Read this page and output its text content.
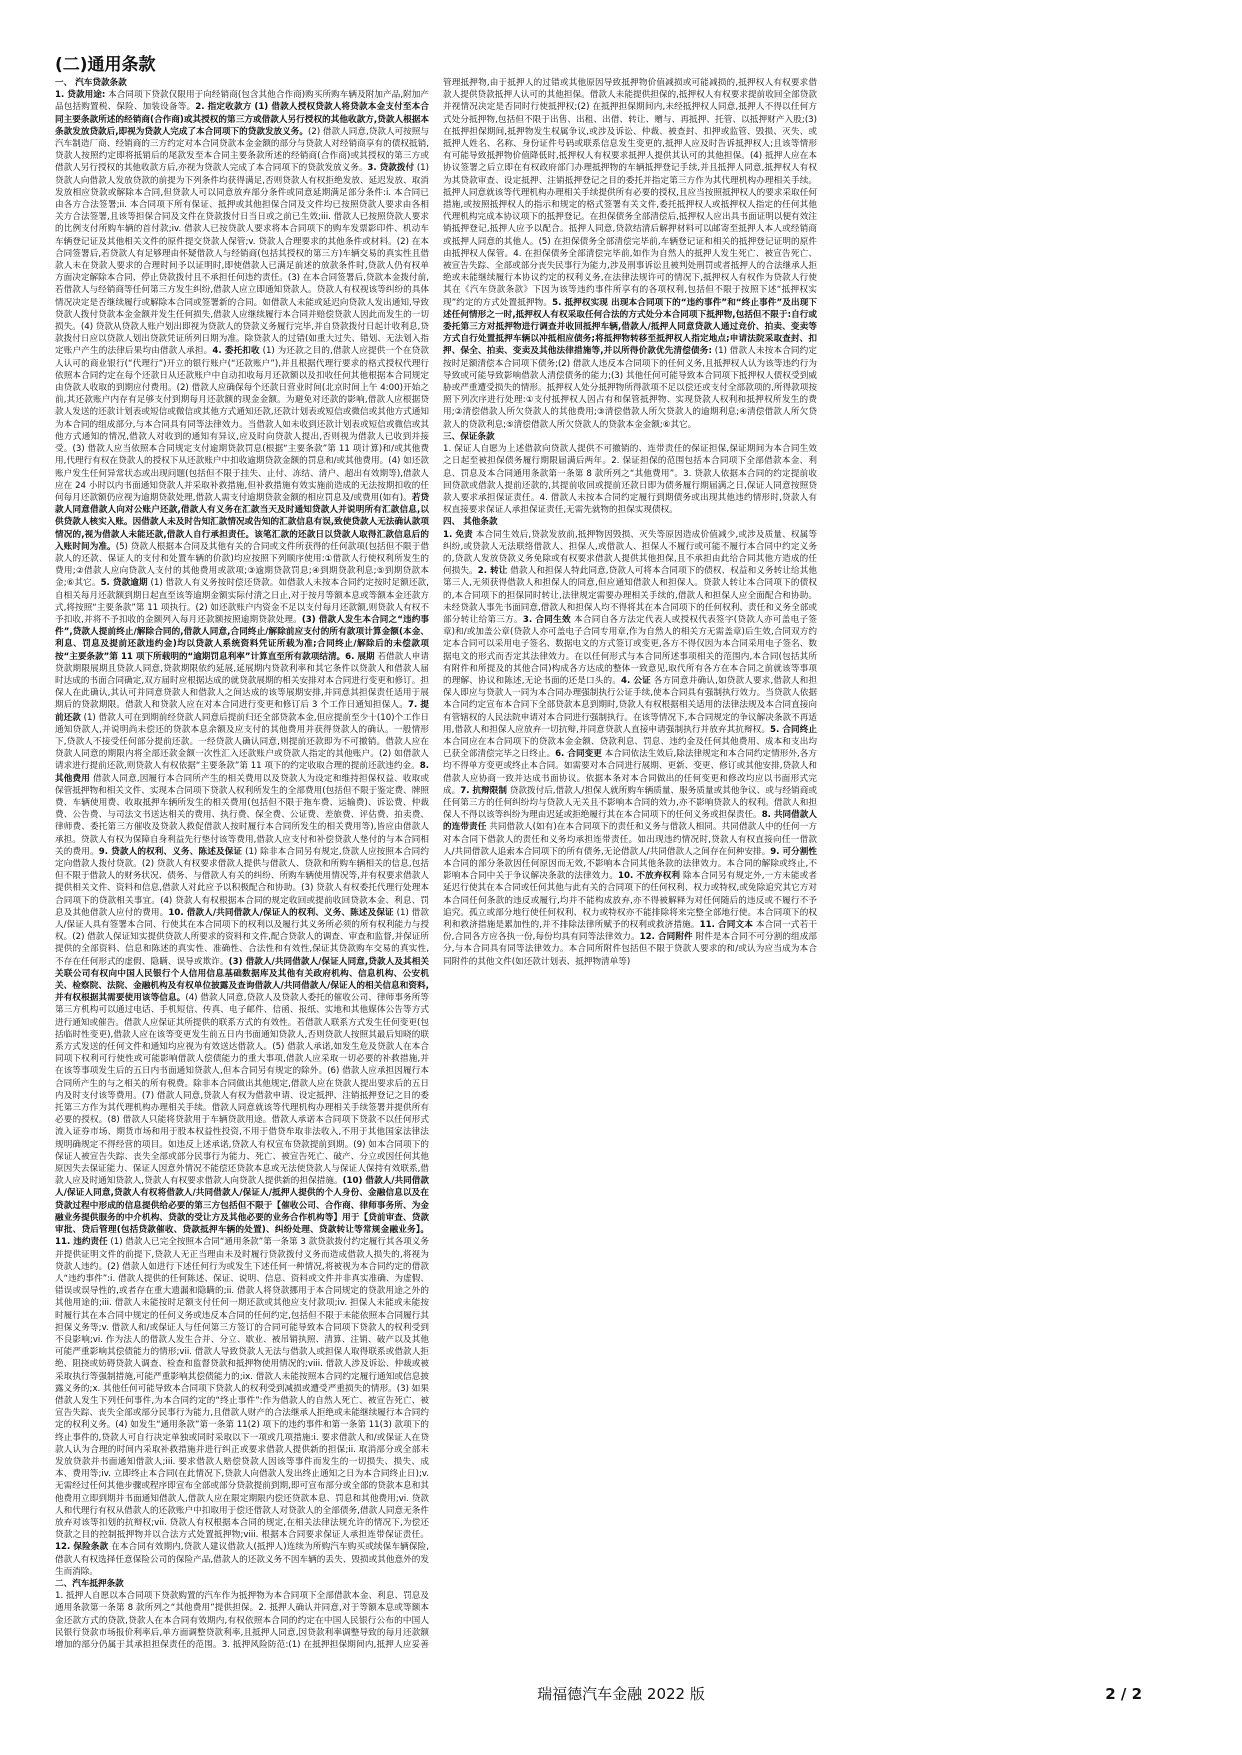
(二)通用条款

一、 汽车贷款条款

1. 贷款用途: 本合同项下贷款仅限用于向经销商(包含其他合作商)购买所购车辆及附加产品,附加产品包括购置税、保险、加装设备等。2. 指定收款方 (1) 借款人授权贷款人将贷款本金支付至本合同主要条款所述的经销商(合作商)或其授权的第三方或借款人另行授权的其他收款方,贷款人根据本条款发放贷款后,即视为贷款人完成了本合同项下的贷款发放义务。(2) 借款人同意,贷款人可按照与汽车制造厂商、经销商的三方约定对本合同贷款本金金额的部分与贷款人对经销商享有的债权抵销,贷款人按照约定即将抵销后的尾款发至本合同主要条款所述的经销商(合作商)或其授权的第三方或借款人另行授权的其他收款方后,亦视为贷款人完成了本合同项下的贷款发放义务。3. 贷款拨付 (1)贷款人向借款人发放贷款的前提为下列条件均获得满足,否则贷款人有权拒绝发放、延迟发放、取消发放相应贷款或解除本合同,但贷款人可以同意放弃部分条件或同意延期满足部分条件:i. 本合同已由各方合法签署;ii. 本合同项下所有保证、抵押或其他担保合同及文件均已按照贷款人要求由各相关方合法签署,且该等担保合同及文件在贷款拨付日当日或之前已生效;iii. 借款人已按照贷款人要求的比例支付所购车辆的首付款;iv. 借款人已按贷款人要求将本合同项下的购车发票影印件、机动车车辆登记证及其他相关文件的原件提交贷款人保管;v. 贷款人合理要求的其他条件或材料。(2) 在本合同签署后,若贷款人有足够理由怀疑借款人与经销商(包括其授权的第三方)车辆交易的真实性且借款人未在贷款人要求的合理时间予以证明时,即使借款人已满足前述的放款条件时,贷款人仍有权单方面决定解除本合同、停止贷款拨付且不承担任何违约责任。(3) 在本合同签署后,贷款本金拨付前,若借款人与经销商等任何第三方发生纠纷,借款人应立即通知贷款人。贷款人有权视该等纠纷的具体情况决定是否继续履行或解除本合同或签署新的合同。如借款人未能或延迟向贷款人发出通知,导致贷款人拨付贷款本金金额并发生任何损失,借款人应继续履行本合同并赔偿贷款人因此而发生的一切损失。(4) 贷款从贷款人账户划出即视为贷款人的贷款义务履行完毕,并自贷款拨付日起计收利息,贷款拨付日应以贷款人划出贷款凭证所列日期为准。除贷款人的过错(如重大过失、错划、无法划入指定账户产生的法律后果均由借款人承担。4. 委托扣收 (1) 为还款之目的,借款人应提供一个在贷款人认可的商业银行(“代理行”)开立的银行账户(“还款账户”),并且根据代理行要求的格式授权代理行依照本合同约定在每个还款日从还款账户中自动扣收每月还款额以及扣收任何其他根据本合同规定由贷款人收取的到期应付费用。(2) 借款人应确保每个还款日营业时间(北京时间上午 4:00)开始之前,其还款账户内存有足够支付到期每月还款额的现金金额。为避免对还款的影响,借款人应根据贷款人发送的还款计划表或短信或微信或其他方式通知还款,还款计划表或短信或微信或其他方式通知为本合同的组成部分,与本合同具有同等法律效力。当借款人如未收到还款计划表或短信或微信或其他方式通知的情况,借款人对收到的通知有异议,应及时向贷款人提出,否则视为借款人已收到并接受。(3) 借款人应当依照本合同规定支付逾期贷款罚息(根据“主要条款”第 11 项计算)和/或其他费用,代理行有权在贷款人的授权下从还款账户中扣收逾期贷款金额的罚息和/或其他费用。(4) 如还款账户发生任何异常状态或出现问题(包括但不限于挂失、止付、冻结、清户、超出有效期等),借款人应在 24 小时以内书面通知贷款人并采取补救措施,但补救措施有效实施前造成的无法按期扣收的任何每月还款额仍应视为逾期贷款处理,借款人需支付逾期贷款金额的相应罚息及/或费用(如有)。若贷款人同意借款人向对公账户还款,借款人有义务在汇款当天及时通知贷款人并说明所有汇款信息,以供贷款人核实入账。因借款人未及时告知汇款情况或告知的汇款信息有误,致使贷款人无法确认款项情况的,视为借款人未能还款,借款人自行承担责任。该笔汇款的还款日以贷款人取得汇款信息后的入账时间为准。(5) 贷款人根据本合同及其他有关的合同或文件所获得的任何款项(包括但不限于借款人的还款、保证人的支付和处置车辆的价款)均应按照下列顺序使用:①借款人行使权利所发生的费用;②借款人应向贷款人支付的其他费用或款项;③逾期贷款罚息;④到期贷款利息;⑤到期贷款本金;⑥其它。5. 贷款逾期 (1) 借款人有义务按时偿还贷款。如借款人未按本合同约定按时足额还款,自相关每月还款额到期日起直至该等逾期金额实际付清之日止,对于按月等额本息或等额本金还款方式,将按照“主要条款”第 11 项执行。(2) 如还款账户内资金不足以支付每月还款额,则贷款人有权不予扣收,并将不予扣收的金额列入每月还款额按照逾期贷款处理。(3) 借款人发生本合同之“违约事件”,贷款人提前终止/解除合同的,借款人同意,合同终止/解除前应支付的所有款项计算金额(本金、利息、罚息及提前还款违约金)均以贷款人系统资料凭证所载为准;合同终止/解除后的未偿款项按“主要条款”第 11 项下所载明的“逾期罚息利率”计算直至所有款项结清。6. 展期 若借款人申请贷款期限展期且贷款人同意,贷款期限依约延展,延展期内贷款利率和其它条件以贷款人和借款人届时达成的书面合同确定,双方届时应根据达成的就贷款展期的相关安排对本合同进行变更和修订。担保人在此确认,其认可并同意贷款人和借款人之间达成的该等展期安排,并同意其担保责任适用于展期后的贷款期限。借款人和贷款人应在对本合同进行变更和修订后 3 个工作日通知担保人。7. 提前还款 (1) 借款人可在到期前经贷款人同意后提前归还全部贷款本金,但应提前至少十(10)个工作日通知贷款人,并说明尚未偿还的贷款本息余额及应支付的其他费用并获得贷款人的确认。一般情形下,贷款人不接受任何部分提前还款。一经贷款人确认同意,则提前还款即为不可撤销。借款人应在贷款人同意的期限内将全部还款金额一次性汇入还款账户或贷款人指定的其他账户。(2) 如借款人请求进行提前还款,则贷款人有权依据“主要条款”第 11 项下的约定收取合理的提前还款违约金。8. 其他费用 借款人同意,因履行本合同所产生的相关费用以及贷款人为设定和维持担保权益、收取或保管抵押物和相关文件、实现本合同项下贷款人权利所发生的全部费用(包括但不限于鉴定费、牌照费、车辆使用费、收取抵押车辆所发生的相关费用(包括但不限于拖车费、运输费)、诉讼费、仲裁费、公告费、与司法文书送达相关的费用、执行费、保全费、公证费、差旅费、评估费、拍卖费、律师费、委托第三方催收及贷款人救促借款人按时履行本合同所发生的相关费用等),皆应由借款人承担。贷款人有权为保障自身利益先行垫付该等费用,借款人应支付和补偿贷款人垫付的与本合同相关的费用。9. 贷款人的权利、义务、陈述及保证 (1) 除非本合同另有规定,贷款人应按照本合同约定向借款人拨付贷款。(2) 贷款人有权要求借款人提供与借款人、贷款和所购车辆相关的信息,包括但不限于借款人的财务状况、债务、与借款人有关的纠纷、所购车辆使用情况等,并有权要求借款人提供相关文件、资料和信息,借款人对此应予以积极配合和协助。(3) 贷款人有权委托代理行处理本合同项下的贷款相关事宜。(4) 贷款人有权根据本合同的规定收回或提前收回贷款本金、利息、罚息及其他借款人应付的费用。10. 借款人/共同借款人/保证人的权利、义务、陈述及保证 (1) 借款人/保证人具有签署本合同、行使其在本合同项下的权利以及履行其义务所必须的所有权利能力与授权。(2) 借款人保证知实提供贷款人所要求的资料和文件,配合贷款人的调查、审查和监督,并保证所提供的全部资料、信息和陈述的真实性、准确性、合法性和有效性,保证其贷款购车交易的真实性,不存在任何形式的虚假、隐瞒、误导或欺诈。(3) 借款人/共同借款人/保证人同意,贷款人及其相关关联公司有权向中国人民银行个人信用信息基础数据库及其他有关政府机构、信息机构、公安机关、检察院、法院、金融机构及有权单位披露及查询借款人/共同借款人/保证人的相关信息和资料,并有权根据其需要使用该等信息。(4) 借款人同意,贷款人及贷款人委托的催收公司、律师事务所等第三方机构可以通过电话、手机短信、传真、电子邮件、信函、报纸、实地和其他媒体公告等方式进行通知或催告。借款人应保证其所提供的联系方式的有效性。若借款人联系方式发生任何变更(包括临时性变更),借款人应在该等变更发生前五日内书面通知贷款人,否则贷款人按照其最后知晓的联系方式发送的任何文件和通知均应视为有效送达借款人。(5) 借款人承诺,如发生危及贷款人在本合同项下权利可行使性或可能影响借款人偿债能力的重大事项,借款人应采取一切必要的补救措施,并在该等事项发生后的五日内书面通知贷款人,但本合同另有规定的除外。(6) 借款人应承担因履行本合同所产生的与之相关的所有税费。除非本合同做出其他规定,借款人应在贷款人提出要求后的五日内及时支付该等费用。(7) 借款人同意,贷款人有权为借款申请、设定抵押、注销抵押登记之目的委托第三方作为其代理机构办理相关手续。借款人同意就该等代理机构办理相关手续签署并提供所有必要的授权。(8) 借款人只能将贷款用于车辆贷款用途。借款人承诺本合同项下贷款不以任何形式流入证券市场、期货市场和用于股本权益性投资,不用于借贷牟取非法收入,不用于其他国家法律法规明确规定不得经营的项目。如违反上述承诺,贷款人有权宣布贷款提前到期。(9) 如本合同项下的保证人被宣告失踪、丧失全部或部分民事行为能力、死亡、被宣告死亡、破产、分立或因任何其他原因失去保证能力、保证人因意外情况不能偿还贷款本息或无法使贷款人与保证人保持有效联系,借款人应及时通知贷款人,贷款人有权要求借款人向贷款人提供新的担保措施。(10) 借款人/共同借款人/保证人同意,贷款人有权将借款人/共同借款人/保证人/抵押人提供的个人身份、金融信息以及在贷款过程中形成的信息提供给必要的第三方包括但不限于【催收公司、合作商、律师事务所、为金融业务提供服务的中介机构、贷款的受让方及其他必要的业务合作机构等】用于【贷前审查、贷款审批、贷后管理(包括贷款催收、贷款抵押车辆的处置)、纠纷处理、贷款转让等常规金融业务】。11. 违约责任 (1) 借款人已完全按照本合同“通用条款”第一条第 3 款贷款拨付约定履行其各项义务并提供证明文件的前提下,贷款人无正当理由未及时履行贷款拨付义务而造成借款人损失的,将视为贷款人违约。(2) 借款人如进行下述任何行为或发生下述任何一种情况,将被视为本合同约定的借款人“违约事件”:i. 借款人提供的任何陈述、保证、说明、信息、资料或文件并非真实准确、为虚假、错误或误导性的,或者存在重大遗漏和隐瞒的;ii. 借款人将贷款挪用于本合同规定的贷款用途之外的其他用途的;iii. 借款人未能按时足额支付任何一期还款或其他应支付款项;iv. 担保人未能或未能按时履行其在本合同中规定的任何义务或违反本合同的任何约定,包括但不限于未能依照本合同履行其担保义务等;v. 借款人和/或保证人与任何第三方签订的合同可能导致本合同项下贷款人的权利受到不良影响;vi. 作为法人的借款人发生合并、分立、歇业、被吊销执照、清算、注销、破产以及其他可能严重影响其偿债能力的情形;vii. 借款人导致贷款人无法与借款人或担保人取得联系或借款人拒绝、阻挠或妨碍贷款人调查、检查和监督贷款和抵押物使用情况的;viii. 借款人涉及诉讼、仲裁或被采取执行等强制措施,可能严重影响其偿债能力的;ix. 借款人未能按照本合同约定履行通知或信息披露义务的;x. 其他任何可能导致本合同项下贷款人的权利受到减损或遭受严重损失的情形。(3) 如果借款人发生下列任何事件,为本合同约定的“终止事件”:作为借款人的自然人死亡、被宣告死亡、被宣告失踪、丧失全部或部分民事行为能力,且借款人财产的合法继承人拒绝或未能继续履行本合同约定的权利义务。(4) 如发生“通用条款”第一条第 11(2) 项下的违约事件和第一条第 11(3) 款项下的终止事件的,贷款人可自行决定单独或同时采取以下一项或几项措施:i. 要求借款人和/或保证人在贷款人认为合理的时间内采取补救措施并进行纠正或要求借款人提供新的担保;ii. 取消部分或全部未发放贷款并书面通知借款人;iii. 要求借款人赔偿贷款人因该等事件而发生的一切损失、损失、成本、费用等;iv. 立即终止本合同(在此情况下,贷款人向借款人发出终止通知之日为本合同终止日);v. 无需经过任何其他步骤或程序即宣布全部或部分贷款提前到期,即可宣布部分或全部的贷款本息和其他费用立即到期并书面通知借款人,借款人应在限定期限内偿还贷款本息、罚息和其他费用;vi. 贷款人和代理行有权从借款人的还款账户中扣取用于偿还借款人对贷款人的全部债务,借款人同意无条件放弃对该等扣划的抗辩权;vii. 贷款人有权根据本合同的规定,在相关法律法规允许的情况下,为偿还贷款之目的控制抵押物并以合法方式处置抵押物;viii. 根据本合同要求保证人承担连带保证责任。12. 保险条款 在本合同有效期内,贷款人建议借款人(抵押人)连续为所购汽车购买或续保车辆保险,借款人有权选择任意保险公司的保险产品,借款人的还款义务不因车辆的丢失、毁损或其他意外的发生而消除。

二、汽车抵押条款

1. 抵押人自愿以本合同项下贷款购置的汽车作为抵押物为本合同项下全部借款本金、利息、罚息及通用条款第一条第 8 款所列之“其他费用”提供担保。2. 抵押人确认并同意,对于等额本息或等额本金还款方式的贷款,贷款人在本合同有效期内,有权依照本合同的约定在中国人民银行公布的中国人民银行贷款市场报价利率后,单方面调整贷款利率,且抵押人同意,因贷款利率调整导致的每月还款额增加的部分仍属于其承担担保责任的范围。3. 抵押风险防范:(1) 在抵押担保期间内,抵押人应妥善管理抵押物,由于抵押人的过错或其他原因导致抵押物价值减损或可能减损的,抵押权人有权要求借款人提供贷款抵押人认可的其他担保。借款人未能提供担保的,抵押权人有权要求提前收回全部贷款并视情况决定是否同时行使抵押权;(2) 在抵押担保期间内,未经抵押权人同意,抵押人不得以任何方式处分抵押物,包括但不限于出售、出租、出借、转让、赠与、再抵押、托管、以抵押财产入股;(3) 在抵押担保期间,抵押物发生权属争议,或涉及诉讼、仲裁、被查封、扣押或监管、毁损、灭失、或抵押人姓名、名称、身份证件号码或联系信息发生变更的,抵押人应及时告诉抵押权人;且该等情形有可能导致抵押物价值降低时,抵押权人有权要求抵押人提供其认可的其他担保。(4) 抵押人应在本协议签署之后立即在有权政府部门办理抵押物的车辆抵押登记手续,并且抵押人同意,抵押权人有权为其贷款审查、设定抵押、注销抵押登记之目的委托并指定第三方作为其代理机构办理相关手续。抵押人同意就该等代理机构办理相关手续提供所有必要的授权,且应当按照抵押权人的要求采取任何措施,或按照抵押权人的指示和规定的格式签署有关文件,委托抵押权人或抵押权人指定的任何其他代理机构完成本协议项下的抵押登记。在担保债务全部清偿后,抵押权人应出具书面证明以便有效注销抵押登记,抵押人应予以配合。抵押人同意,贷款结清后解押材料可以邮寄至抵押人本人或经销商或抵押人同意的其他人。(5) 在担保债务全部清偿完毕前,车辆登记证和相关的抵押登记证明的原件由抵押权人保管。4. 在担保债务全部清偿完毕前,如作为自然人的抵押人发生死亡、被宣告死亡、被宣告失踪、全部或部分丧失民事行为能力,涉及刑事诉讼且被判处刑罚或者抵押人的合法继承人拒绝或未能继续履行本协议约定的权利义务,在法律法规许可的情况下,抵押权人有权作为贷款人行使其在《汽车贷款条款》下因为该等违约事件所享有的各项权利,包括但不限于按照下述“抵押权实现”约定的方式处置抵押物。5. 抵押权实现 出现本合同项下的“违约事件”和“终止事件”及出现下述任何情形之一时,抵押权人有权采取任何合法的方式处分本合同项下抵押物,包括但不限于:自行或委托第三方对抵押物进行调查并收回抵押车辆,借款人/抵押人同意贷款人通过竞价、拍卖、变卖等方式自行处置抵押车辆以冲抵相应债务;将抵押物转移至抵押权人指定地点;申请法院采取查封、扣押、保全、拍卖、变卖及其他法律措施等,并以所得价款优先清偿债务: (1) 借款人未按本合同约定按时足额清偿本合同项下债务;(2) 借款人违反本合同项下的任何义务,且抵押权人认为该等违约行为导致或可能导致影响借款人清偿债务的能力;(3) 其他任何可能导致本合同项下抵押权人债权受到威胁或严重遭受损失的情形。抵押权人处分抵押物所得款项不足以偿还或支付全部款项的,所得款项按照下列次序进行处理:①支付抵押权人因占有和保管抵押物、实现贷款人权利和抵押权所发生的费用;②清偿借款人所欠贷款人的其他费用;③清偿借款人所欠贷款人的逾期利息;④清偿借款人所欠贷款人的贷款利息;⑤清偿借款人所欠贷款人的贷款本金金额;⑥其它。

三、保证条款

1. 保证人自愿为上述借款向贷款人提供不可撤销的、连带责任的保证担保,保证期间为本合同生效之日起至被担保债务履行期限届满后两年。2. 保证担保的范围包括本合同项下全部借款本金、利息、罚息及本合同通用条款第一条第 8 款所列之“其他费用”。3. 贷款人依据本合同的约定提前收回贷款或借款人提前还款的,其提前收回或提前还款日即为债务履行期届满之日,保证人同意按照贷款人要求承担保证责任。4. 借款人未按本合同约定履行到期债务或出现其他违约情形时,贷款人有权直接要求保证人承担保证责任,无需先就物的担保实现债权。

四、 其他条款

1. 免责 本合同生效后,贷款发放前,抵押物因毁损、灭失等原因造成价值减少,或涉及质量、权属等纠纷,或贷款人无法联络借款人、担保人,或借款人、担保人不履行或可能不履行本合同中约定义务的,贷款人发放贷款义务免除或有权要求借款人提供其他担保,且不承担由此给合同其他方造成的任何损失。2. 转让 借款人和担保人特此同意,贷款人可将本合同项下的债权、权益和义务转让给其他第三人,无须获得借款人和担保人的同意,但应通知借款人和担保人。贷款人转让本合同项下的债权的,本合同项下的担保同时转让,法律规定需要办理相关手续的,借款人和担保人应全面配合和协助。未经贷款人事先书面同意,借款人和担保人均不得将其在本合同项下的任何权利、责任和义务全部或部分转让给第三方。3. 合同生效 本合同自各方法定代表人或授权代表签字(贷款人亦可盖电子签章)和/或加盖公章(贷款人亦可盖电子合同专用章,作为自然人的相关方无需盖章)后生效,合同双方约定本合同可以采用电子签名、数据电文的方式签订或变更,各方不得仅因为本合同采用电子签名、数据电文的形式而否定其法律效力。在以任何形式与本合同所述事项相关的范围内,本合同(包括其所有附件和所提及的其他合同)构成各方达成的整体一致意见,取代所有各方在本合同之前就该等事项的理解、协议和陈述,无论书面的还是口头的。4. 公证 各方同意并确认,如贷款人要求,借款人和担保人即应与贷款人一同为本合同办理强制执行公证手续,使本合同具有强制执行效力。当贷款人依据本合同约定宣布本合同下全部贷款本息到期时,贷款人有权根据相关适用的法律法规及本合同直接向有管辖权的人民法院申请对本合同进行强制执行。在该等情况下,本合同规定的争议解决条款不再适用,借款人和担保人应放弃一切抗辩,并同意贷款人直接申请强制执行并放弃其抗辩权。5. 合同终止 本合同应在本合同项下的贷款本金金额、贷款利息、罚息、违约金及任何其他费用、成本和支出均已获全部清偿完毕之日终止。6. 合同变更 本合同依法生效后,除法律规定和本合同约定情形外,各方均不得单方变更或终止本合同。如需要对本合同进行展期、更新、变更、修订或其他安排,贷款人和借款人应协商一致并达成书面协议。依据本条对本合同做出的任何变更和修改均应以书面形式完成。7. 抗辩限制 贷款拨付后,借款人/担保人就所购车辆质量、服务质量或其他争议、或与经销商或任何第三方的任何纠纷均与贷款人无关且不影响本合同的效力,亦不影响贷款人的权利。借款人和担保人不得以该等纠纷为理由迟延或拒绝履行其在本合同项下的任何义务或担保责任。8. 共同借款人的连带责任 共同借款人(如有)在本合同项下的责任和义务与借款人相同。共同借款人中的任何一方对本合同下借款人的责任和义务均承担连带责任。如出现违约情况时,贷款人有权直接向任一借款人/共同借款人追索本合同项下的所有债务,无论借款人/共同借款人之间存在何种安排。9. 可分割性 本合同的部分条款因任何原因而无效,不影响本合同其他条款的法律效力。本合同的解除或终止,不影响本合同中关于争议解决条款的法律效力。10. 不放弃权利 除本合同另有规定外,一方未能或者延迟行使其在本合同或任何其他与此有关的合同项下的任何权利、权力或特权,或免除追究其它方对本合同任何条款的违反或履行,均并不能构成放弃,亦不得被解释为对任何随后的违反或不履行不予追究。孤立或部分地行使任何权利、权力或特权亦不能排除将来完整全部地行使。本合同项下的权利和救济措施是累加性的,并不排除法律所赋予的权利或救济措施。11. 合同文本 本合同一式若干份,合同各方应各执一份,每份均具有同等法律效力。12. 合同附件 附件是本合同不可分割的组成部分,与本合同具有同等法律效力。本合同所附件包括但不限于贷款人要求的和/或认为应当成为本合同附件的其他文件(如还款计划表、抵押物清单等)

瑞福德汽车金融 2022 版	2 / 2
